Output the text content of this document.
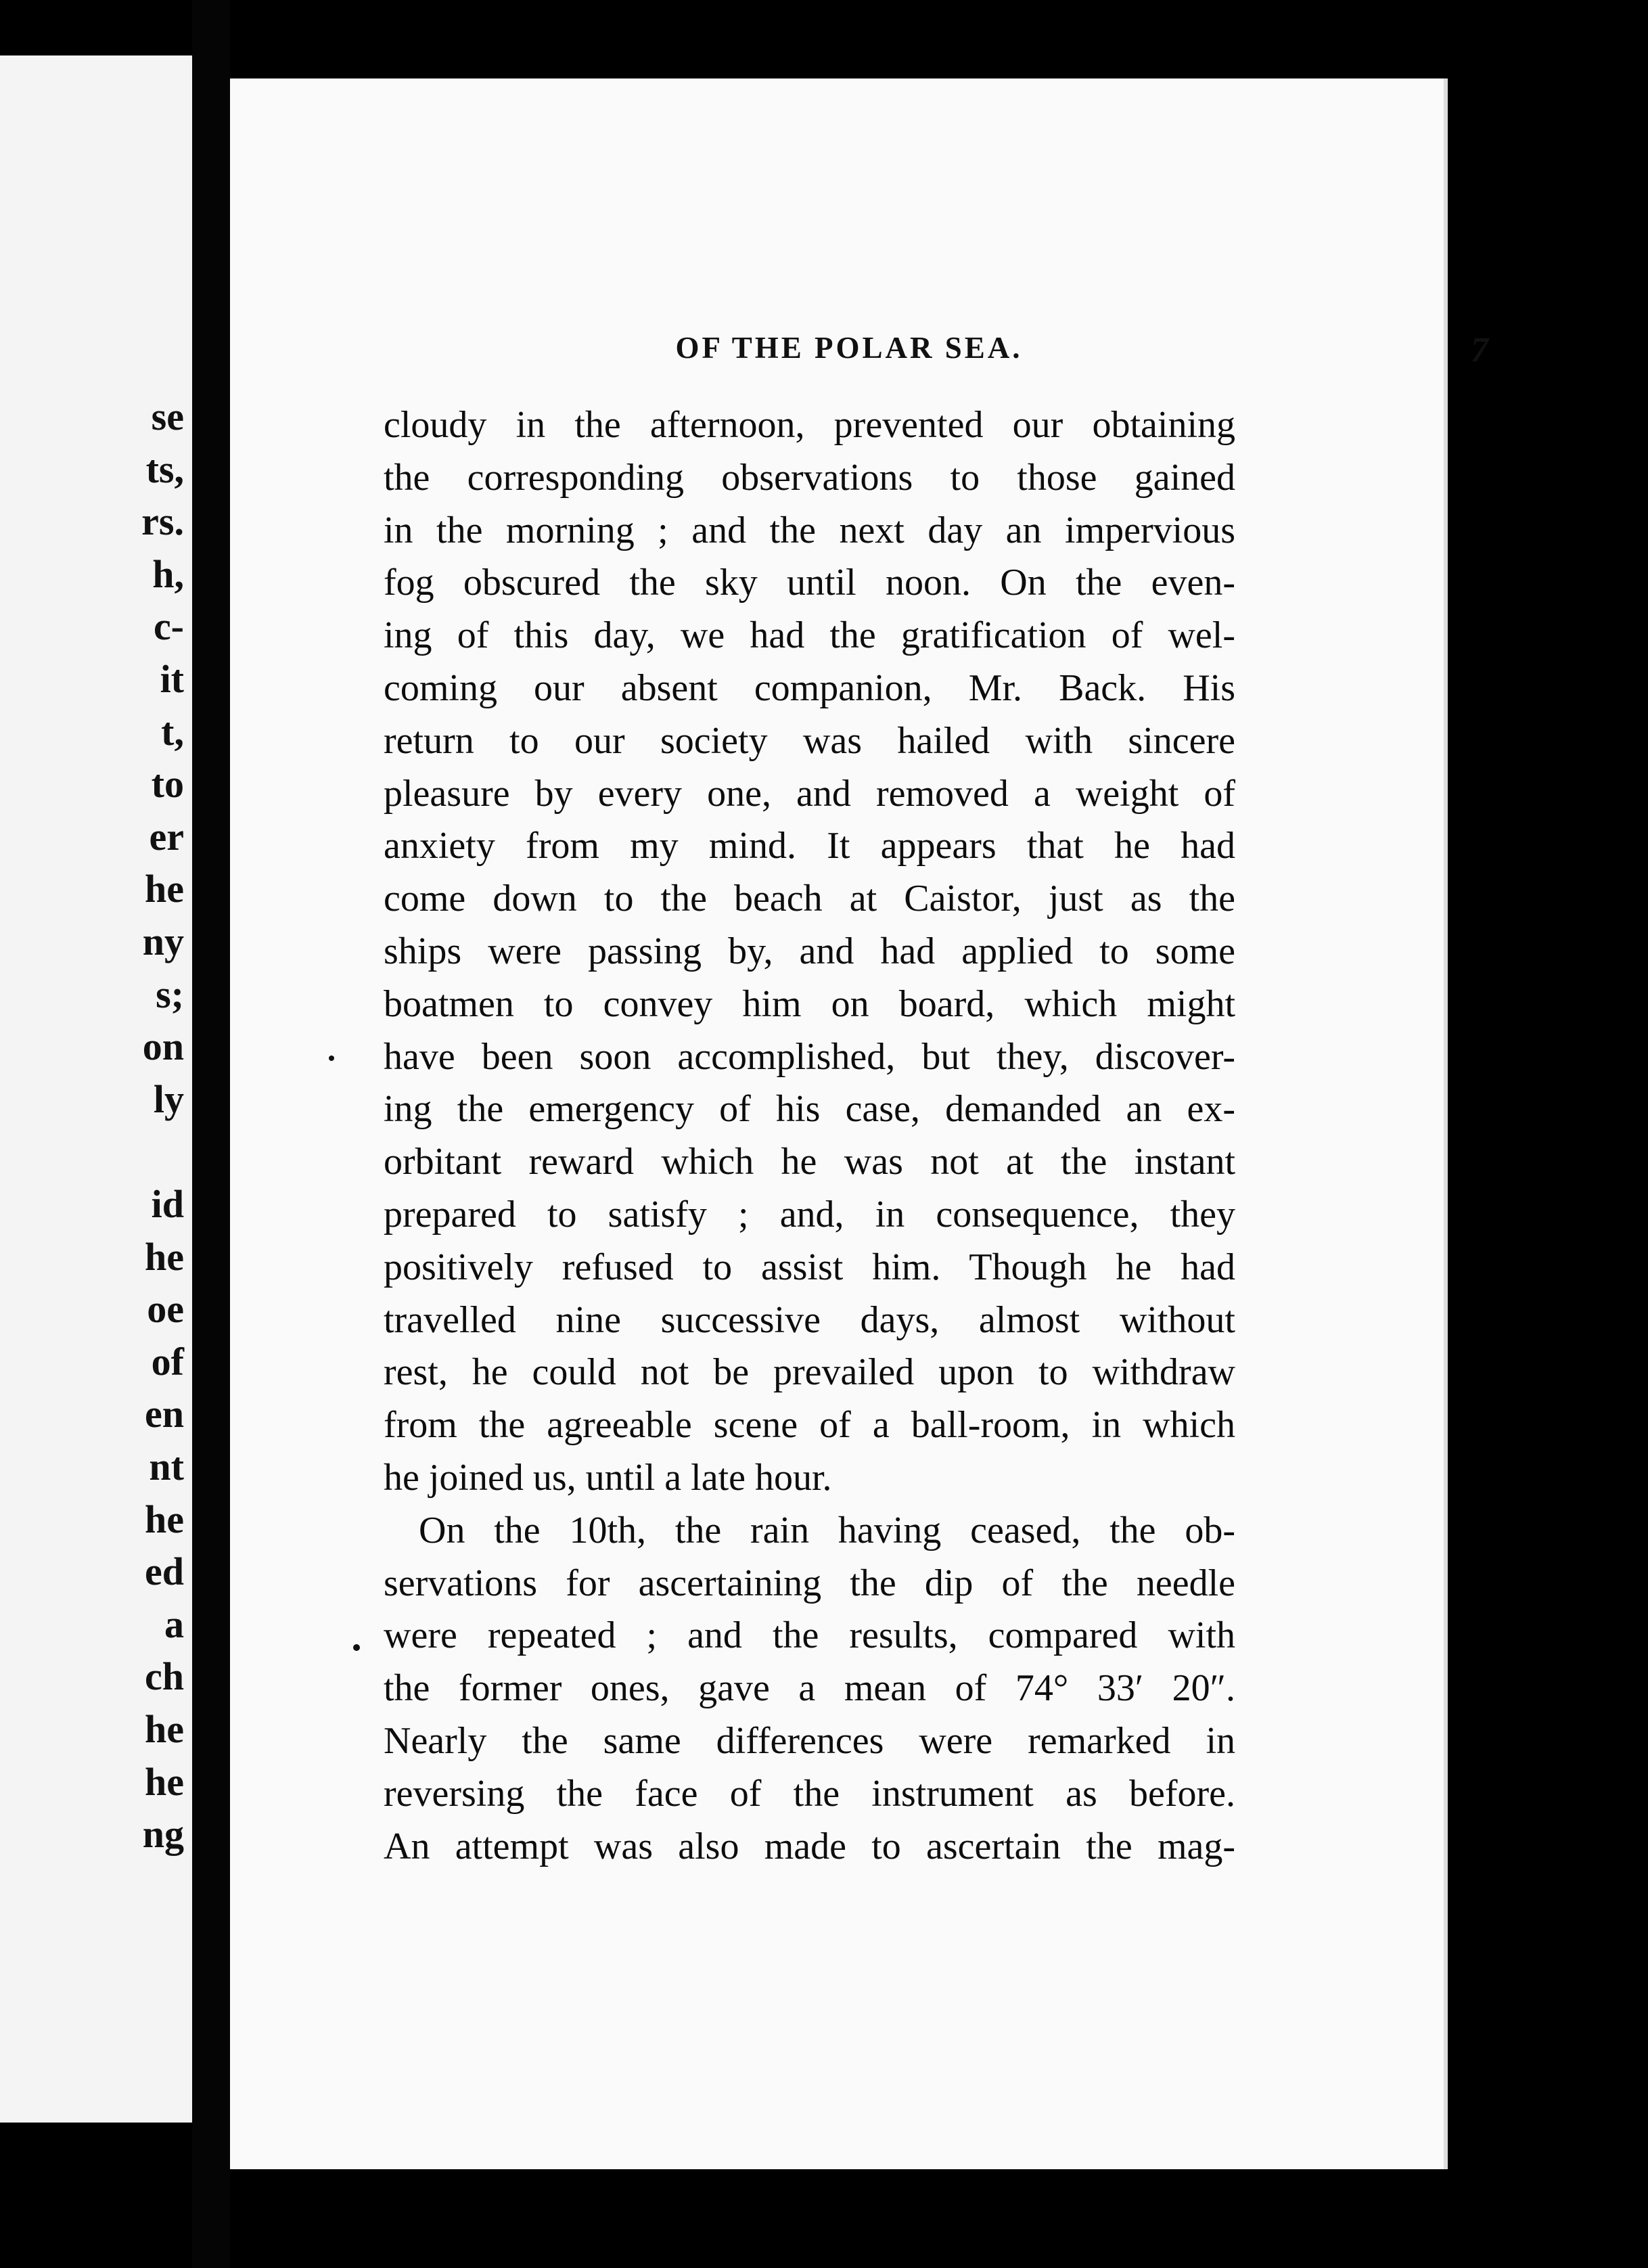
se
ts,
rs.
h,
c-
it
t,
to
er
he
ny
s;
on
ly
id
he
oe
of
en
nt
he
ed
a
ch
he
he
ng
OF THE POLAR SEA.	7
cloudy in the afternoon, prevented our obtaining
the corresponding observations to those gained
in the morning ; and the next day an impervious
fog obscured the sky until noon. On the even-
ing of this day, we had the gratification of wel-
coming our absent companion, Mr. Back. His
return to our society was hailed with sincere
pleasure by every one, and removed a weight of
anxiety from my mind. It appears that he had
come down to the beach at Caistor, just as the
ships were passing by, and had applied to some
boatmen to convey him on board, which might
have been soon accomplished, but they, discover-
ing the emergency of his case, demanded an ex-
orbitant reward which he was not at the instant
prepared to satisfy ; and, in consequence, they
positively refused to assist him. Though he had
travelled nine successive days, almost without
rest, he could not be prevailed upon to withdraw
from the agreeable scene of a ball-room, in which
he joined us, until a late hour.
On the 10th, the rain having ceased, the ob-
servations for ascertaining the dip of the needle
were repeated ; and the results, compared with
the former ones, gave a mean of 74° 33′ 20″.
Nearly the same differences were remarked in
reversing the face of the instrument as before.
An attempt was also made to ascertain the mag-
